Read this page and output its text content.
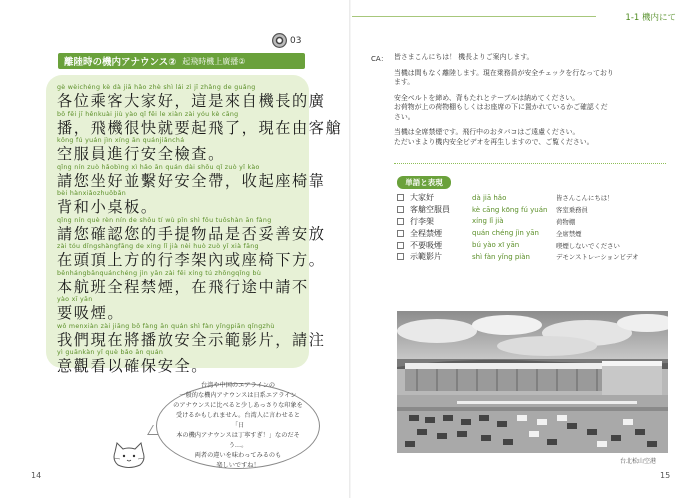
03
離陸時の機内アナウンス② 起飛時機上廣播②
gè wèichéng kè dà jiā hǎo zhè shì lái zì jī zhǎng de guǎng
各位乘客大家好，這是來自機長的廣
bō fēi jī hěnkuài jiù yào qǐ fēi le xiàn zài yóu kè cāng
播，飛機很快就要起飛了，現在由客艙
kōng fú yuán jìn xíng ān quánjiǎnchá
空服員進行安全檢查。
qǐng nín zuò hǎobìng xì hǎo ān quán dài shōu qǐ zuò yǐ kào
請您坐好並繫好安全帶，收起座椅靠
bèi hànxiǎozhuōbǎn
背和小桌板。
qǐng nín què rèn nín de shǒu tí wù pǐn shì fǒu tuǒshàn ān fàng
請您確認您的手提物品是否妥善安放
zài tóu dǐngshàngfāng de xíng lǐ jià nèi huò zuò yǐ xià fāng
在頭頂上方的行李架內或座椅下方。
běnhángbānquánchéng jìn yān zài fēi xíng tú zhōngqǐng bù
本航班全程禁煙，在飛行途中請不
yào xī yān
要吸煙。
wǒ menxiàn zài jiāng bō fàng ān quán shì fàn yǐngpiān qǐngzhù
我們現在將播放安全示範影片，請注
yì guānkàn yǐ què bǎo ān quán
意觀看以確保安全。
台湾や中国のエアラインの
一般的な機内アナウンスは日系エアライン
のアナウンスに比べると少しあっさりな印象を
受けるかもしれません。台湾人に言わせると「日
本の機内アナウンスは丁寧すぎ！」なのだそう…。
両者の違いを味わってみるのも
楽しいですね！
14
1-1 機内にて
CA： 皆さまこんにちは！ 機長よりご案内します。
当機は間もなく離陸します。現在乗務員が安全チェックを行なっており
ます。
安全ベルトを締め、背もたれとテーブルは納めてください。
お荷物が上の荷物棚もしくはお座席の下に置かれているかご確認くだ
さい。
当機は全席禁煙です。飛行中のおタバコはご遠慮ください。
ただいまより機内安全ビデオを再生しますので、ご覧ください。
単語と表現
大家好	dà jiā hǎo	皆さんこんにちは！
客艙空服員	kè cāng kōng fú yuán	客室乗務員
行李架	xíng lǐ jià	荷物棚
全程禁煙	quán chéng jìn yān	全席禁煙
不要吸煙	bú yào xī yān	喫煙しないでください
示範影片	shì fàn yǐng piàn	デモンストレーションビデオ
台北松山空港
15
